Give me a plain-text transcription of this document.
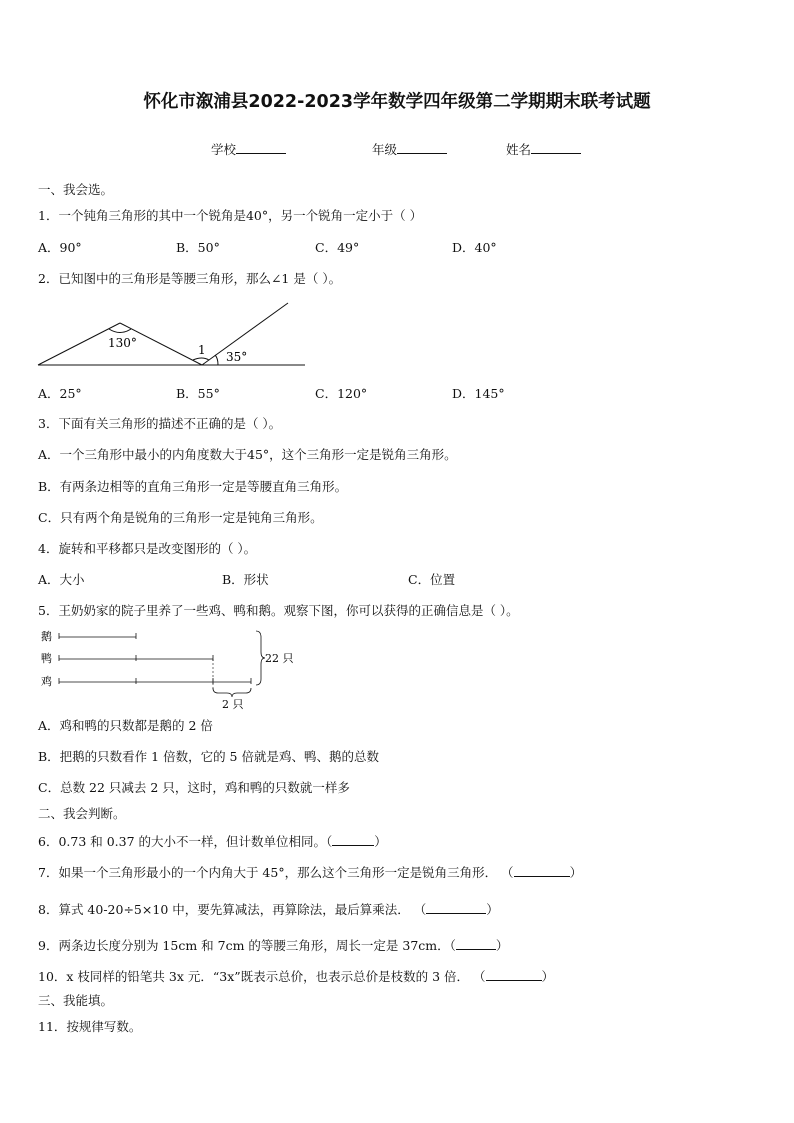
怀化市溆浦县2022-2023学年数学四年级第二学期期末联考试题
学校	年级	姓名
一、我会选。
1．一个钝角三角形的其中一个锐角是40°，另一个锐角一定小于（ ）
A．90°	B．50°	C．49°	D．40°
2．已知图中的三角形是等腰三角形，那么∠1 是（ ）。
130°	1 35°
A．25°	B．55°	C．120°	D．145°
3．下面有关三角形的描述不正确的是（ ）。
A．一个三角形中最小的内角度数大于45°，这个三角形一定是锐角三角形。
B．有两条边相等的直角三角形一定是等腰直角三角形。
C．只有两个角是锐角的三角形一定是钝角三角形。
4．旋转和平移都只是改变图形的（ ）。
A．大小	B．形状	C．位置
5．王奶奶家的院子里养了一些鸡、鸭和鹅。观察下图，你可以获得的正确信息是（ ）。
鹅
鸭
鸡
22 只
2 只
A．鸡和鸭的只数都是鹅的 2 倍
B．把鹅的只数看作 1 倍数，它的 5 倍就是鸡、鸭、鹅的总数
C．总数 22 只减去 2 只，这时，鸡和鸭的只数就一样多
二、我会判断。
6．0.73 和 0.37 的大小不一样，但计数单位相同。（	）
7．如果一个三角形最小的一个内角大于 45°，那么这个三角形一定是锐角三角形． （	）
8．算式 40-20÷5×10 中，要先算减法，再算除法，最后算乘法． （	）
9．两条边长度分别为 15cm 和 7cm 的等腰三角形，周长一定是 37cm．（	）
10．x 枝同样的铅笔共 3x 元．“3x”既表示总价，也表示总价是枝数的 3 倍． （	）
三、我能填。
11．按规律写数。
